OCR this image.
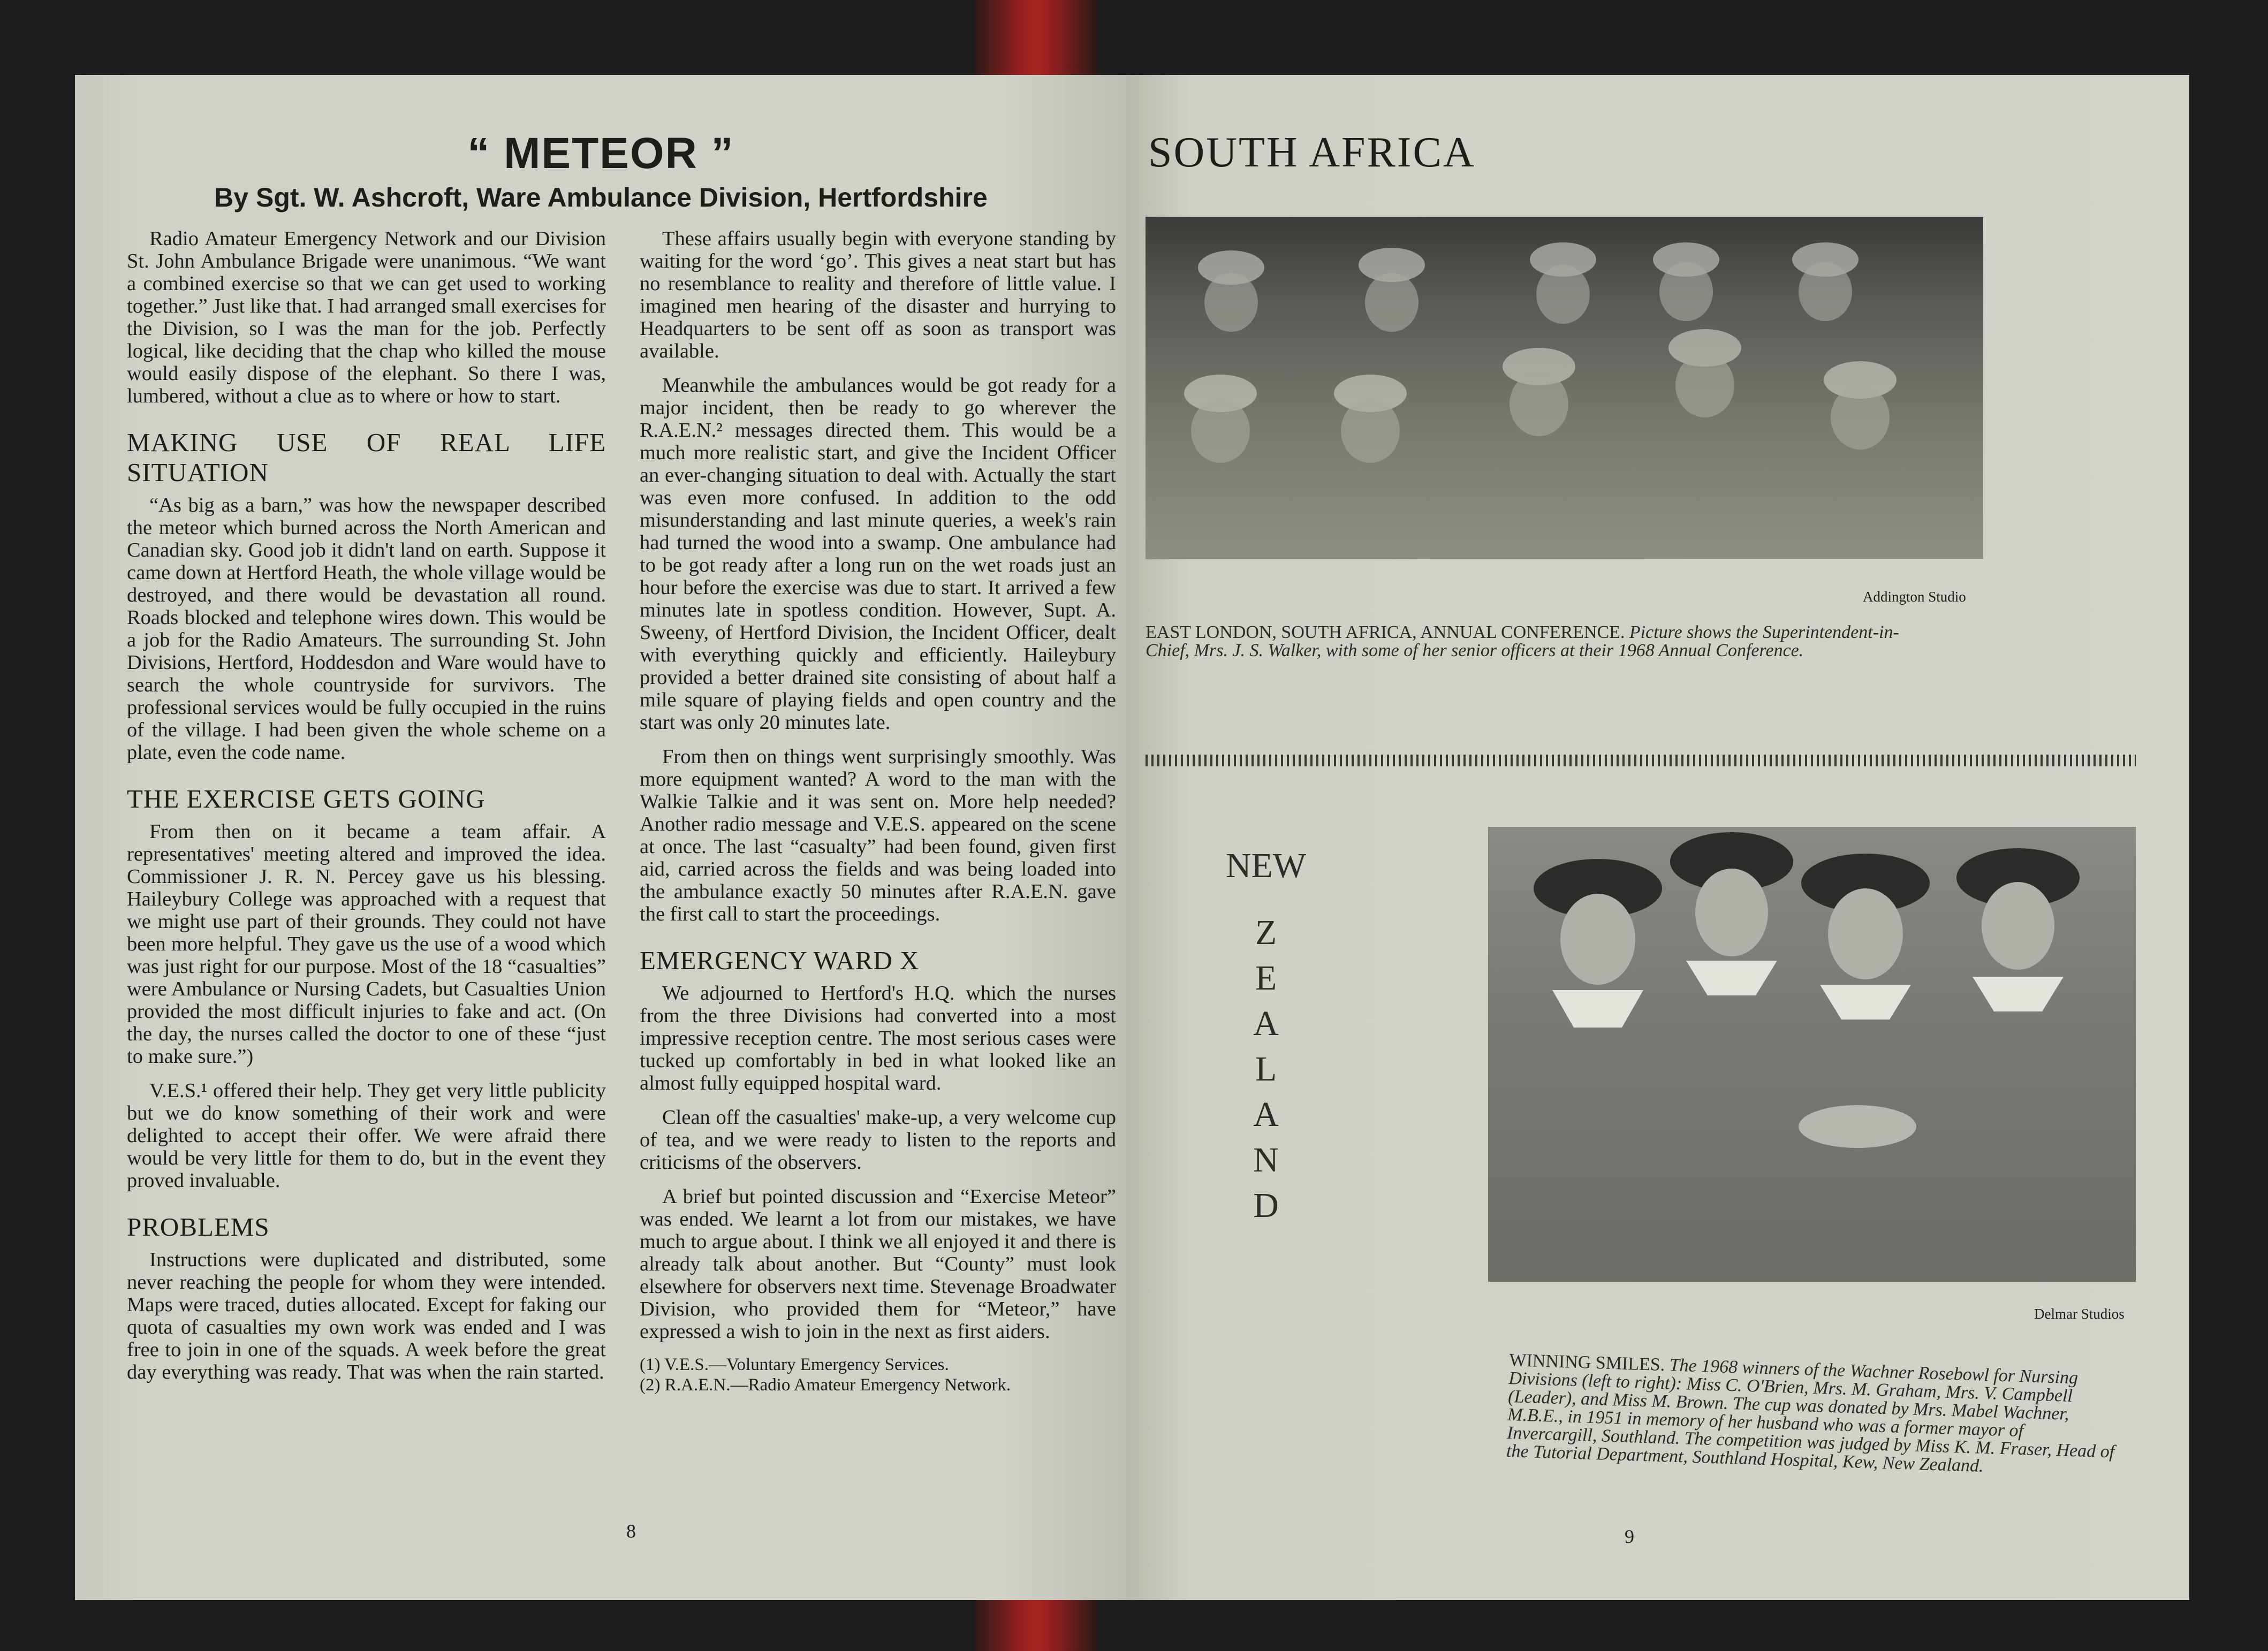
“ METEOR ”
By Sgt. W. Ashcroft, Ware Ambulance Division, Hertfordshire

Radio Amateur Emergency Network and our Division St. John Ambulance Brigade were unanimous. “We want a combined exercise so that we can get used to working together.” Just like that. I had arranged small exercises for the Division, so I was the man for the job. Perfectly logical, like deciding that the chap who killed the mouse would easily dispose of the elephant. So there I was, lumbered, without a clue as to where or how to start.

MAKING USE OF REAL LIFE SITUATION

“As big as a barn,” was how the newspaper described the meteor which burned across the North American and Canadian sky. Good job it didn't land on earth. Suppose it came down at Hertford Heath, the whole village would be destroyed, and there would be devastation all round. Roads blocked and telephone wires down. This would be a job for the Radio Amateurs. The surrounding St. John Divisions, Hertford, Hoddesdon and Ware would have to search the whole countryside for survivors. The professional services would be fully occupied in the ruins of the village. I had been given the whole scheme on a plate, even the code name.

THE EXERCISE GETS GOING

From then on it became a team affair. A representatives' meeting altered and improved the idea. Commissioner J. R. N. Percey gave us his blessing. Haileybury College was approached with a request that we might use part of their grounds. They could not have been more helpful. They gave us the use of a wood which was just right for our purpose. Most of the 18 “casualties” were Ambulance or Nursing Cadets, but Casualties Union provided the most difficult injuries to fake and act. (On the day, the nurses called the doctor to one of these “just to make sure.”)

V.E.S.¹ offered their help. They get very little publicity but we do know something of their work and were delighted to accept their offer. We were afraid there would be very little for them to do, but in the event they proved invaluable.

PROBLEMS

Instructions were duplicated and distributed, some never reaching the people for whom they were intended. Maps were traced, duties allocated. Except for faking our quota of casualties my own work was ended and I was free to join in one of the squads. A week before the great day everything was ready. That was when the rain started.

These affairs usually begin with everyone standing by waiting for the word ‘go’. This gives a neat start but has no resemblance to reality and therefore of little value. I imagined men hearing of the disaster and hurrying to Headquarters to be sent off as soon as transport was available.

Meanwhile the ambulances would be got ready for a major incident, then be ready to go wherever the R.A.E.N.² messages directed them. This would be a much more realistic start, and give the Incident Officer an ever-changing situation to deal with. Actually the start was even more confused. In addition to the odd misunderstanding and last minute queries, a week's rain had turned the wood into a swamp. One ambulance had to be got ready after a long run on the wet roads just an hour before the exercise was due to start. It arrived a few minutes late in spotless condition. However, Supt. A. Sweeny, of Hertford Division, the Incident Officer, dealt with everything quickly and efficiently. Haileybury provided a better drained site consisting of about half a mile square of playing fields and open country and the start was only 20 minutes late.

From then on things went surprisingly smoothly. Was more equipment wanted? A word to the man with the Walkie Talkie and it was sent on. More help needed? Another radio message and V.E.S. appeared on the scene at once. The last “casualty” had been found, given first aid, carried across the fields and was being loaded into the ambulance exactly 50 minutes after R.A.E.N. gave the first call to start the proceedings.

EMERGENCY WARD X

We adjourned to Hertford's H.Q. which the nurses from the three Divisions had converted into a most impressive reception centre. The most serious cases were tucked up comfortably in bed in what looked like an almost fully equipped hospital ward.

Clean off the casualties' make-up, a very welcome cup of tea, and we were ready to listen to the reports and criticisms of the observers.

A brief but pointed discussion and “Exercise Meteor” was ended. We learnt a lot from our mistakes, we have much to argue about. I think we all enjoyed it and there is already talk about another. But “County” must look elsewhere for observers next time. Stevenage Broadwater Division, who provided them for “Meteor,” have expressed a wish to join in the next as first aiders.

(1) V.E.S.—Voluntary Emergency Services.
(2) R.A.E.N.—Radio Amateur Emergency Network.
8
SOUTH AFRICA
Addington Studio
EAST LONDON, SOUTH AFRICA, ANNUAL CONFERENCE. Picture shows the Superintendent-in-Chief, Mrs. J. S. Walker, with some of her senior officers at their 1968 Annual Conference.
NEW
Z
E
A
L
A
N
D
Delmar Studios
WINNING SMILES. The 1968 winners of the Wachner Rosebowl for Nursing Divisions (left to right): Miss C. O'Brien, Mrs. M. Graham, Mrs. V. Campbell (Leader), and Miss M. Brown. The cup was donated by Mrs. Mabel Wachner, M.B.E., in 1951 in memory of her husband who was a former mayor of Invercargill, Southland. The competition was judged by Miss K. M. Fraser, Head of the Tutorial Department, Southland Hospital, Kew, New Zealand.
9
